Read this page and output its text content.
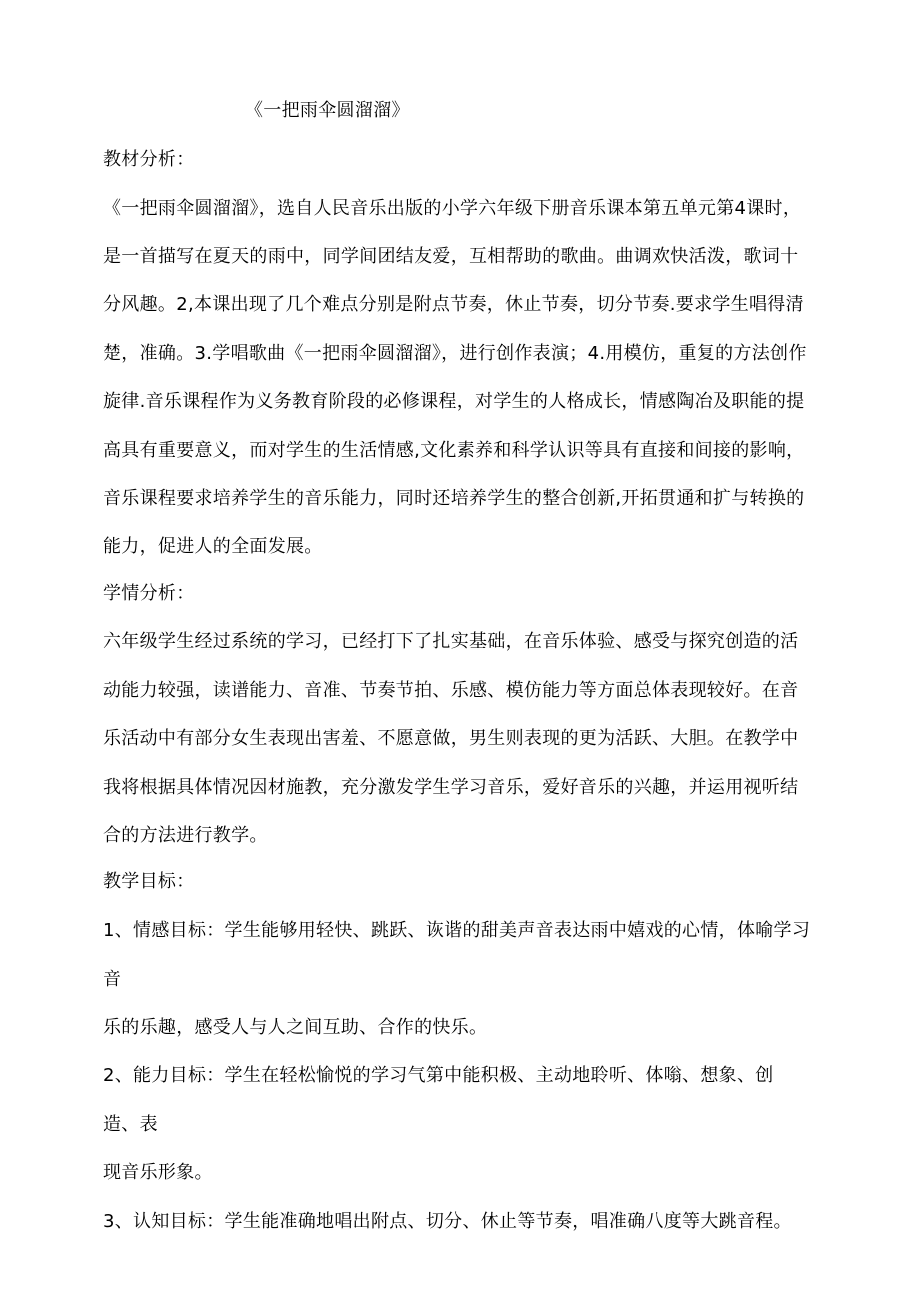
《一把雨伞圆溜溜》

教材分析：

《一把雨伞圆溜溜》，选自人民音乐出版的小学六年级下册音乐课本第五单元第4课时，

是一首描写在夏天的雨中，同学间团结友爱，互相帮助的歌曲。曲调欢快活泼，歌词十

分风趣。2,本课出现了几个难点分别是附点节奏，休止节奏，切分节奏.要求学生唱得清

楚，准确。3.学唱歌曲《一把雨伞圆溜溜》，进行创作表演；4.用模仿，重复的方法创作

旋律.音乐课程作为义务教育阶段的必修课程，对学生的人格成长，情感陶冶及职能的提

高具有重要意义，而对学生的生活情感,文化素养和科学认识等具有直接和间接的影响，

音乐课程要求培养学生的音乐能力，同时还培养学生的整合创新,开拓贯通和扩与转换的

能力，促进人的全面发展。

学情分析：

六年级学生经过系统的学习，已经打下了扎实基础，在音乐体验、感受与探究创造的活

动能力较强，读谱能力、音准、节奏节拍、乐感、模仿能力等方面总体表现较好。在音

乐活动中有部分女生表现出害羞、不愿意做，男生则表现的更为活跃、大胆。在教学中

我将根据具体情况因材施教，充分激发学生学习音乐，爱好音乐的兴趣，并运用视听结

合的方法进行教学。

教学目标：

1、情感目标：学生能够用轻快、跳跃、诙谐的甜美声音表达雨中嬉戏的心情，体喻学习

音

乐的乐趣，感受人与人之间互助、合作的快乐。

2、能力目标：学生在轻松愉悦的学习气第中能积极、主动地聆听、体嗡、想象、创

造、表

现音乐形象。

3、认知目标：学生能准确地唱出附点、切分、休止等节奏，唱准确八度等大跳音程。
